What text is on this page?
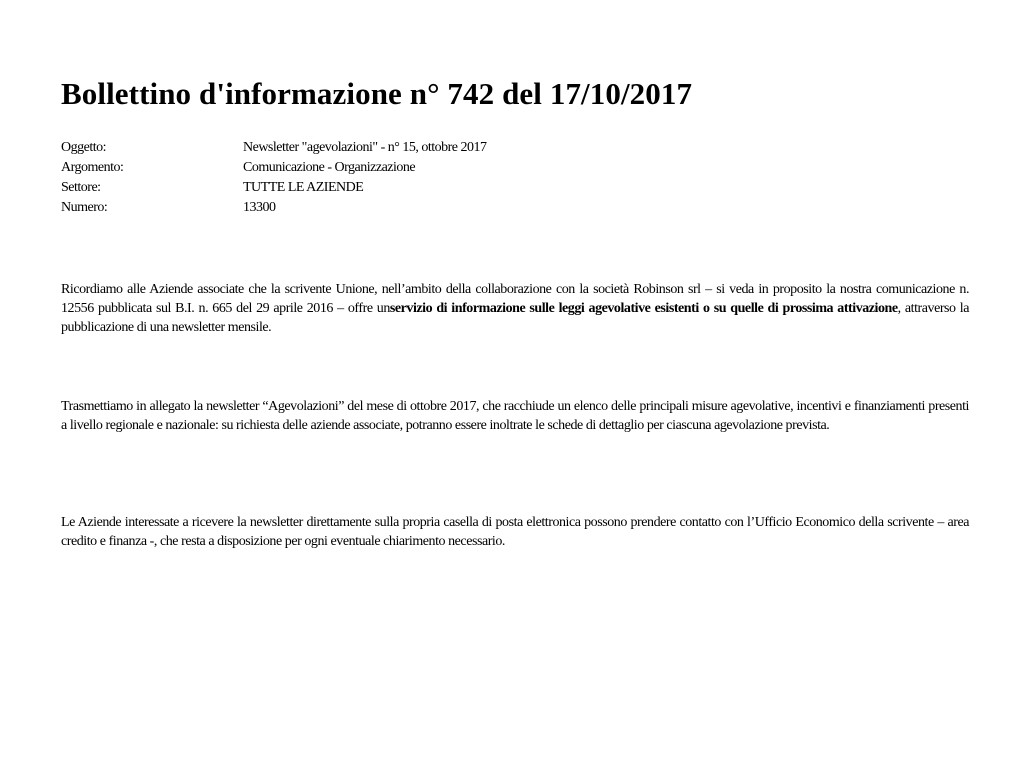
Bollettino d'informazione n° 742 del 17/10/2017
Oggetto:	Newsletter "agevolazioni" - n° 15, ottobre 2017
Argomento:	Comunicazione - Organizzazione
Settore:	TUTTE LE AZIENDE
Numero:	13300

Ricordiamo alle Aziende associate che la scrivente Unione, nell’ambito della collaborazione con la società Robinson srl – si veda in proposito la nostra comunicazione n. 12556 pubblicata sul B.I. n. 665 del 29 aprile 2016 – offre unservizio di informazione sulle leggi agevolative esistenti o su quelle di prossima attivazione, attraverso la pubblicazione di una newsletter mensile.

Trasmettiamo in allegato la newsletter “Agevolazioni” del mese di ottobre 2017, che racchiude un elenco delle principali misure agevolative, incentivi e finanziamenti presenti a livello regionale e nazionale: su richiesta delle aziende associate, potranno essere inoltrate le schede di dettaglio per ciascuna agevolazione prevista.

Le Aziende interessate a ricevere la newsletter direttamente sulla propria casella di posta elettronica possono prendere contatto con l’Ufficio Economico della scrivente – area credito e finanza -, che resta a disposizione per ogni eventuale chiarimento necessario.
